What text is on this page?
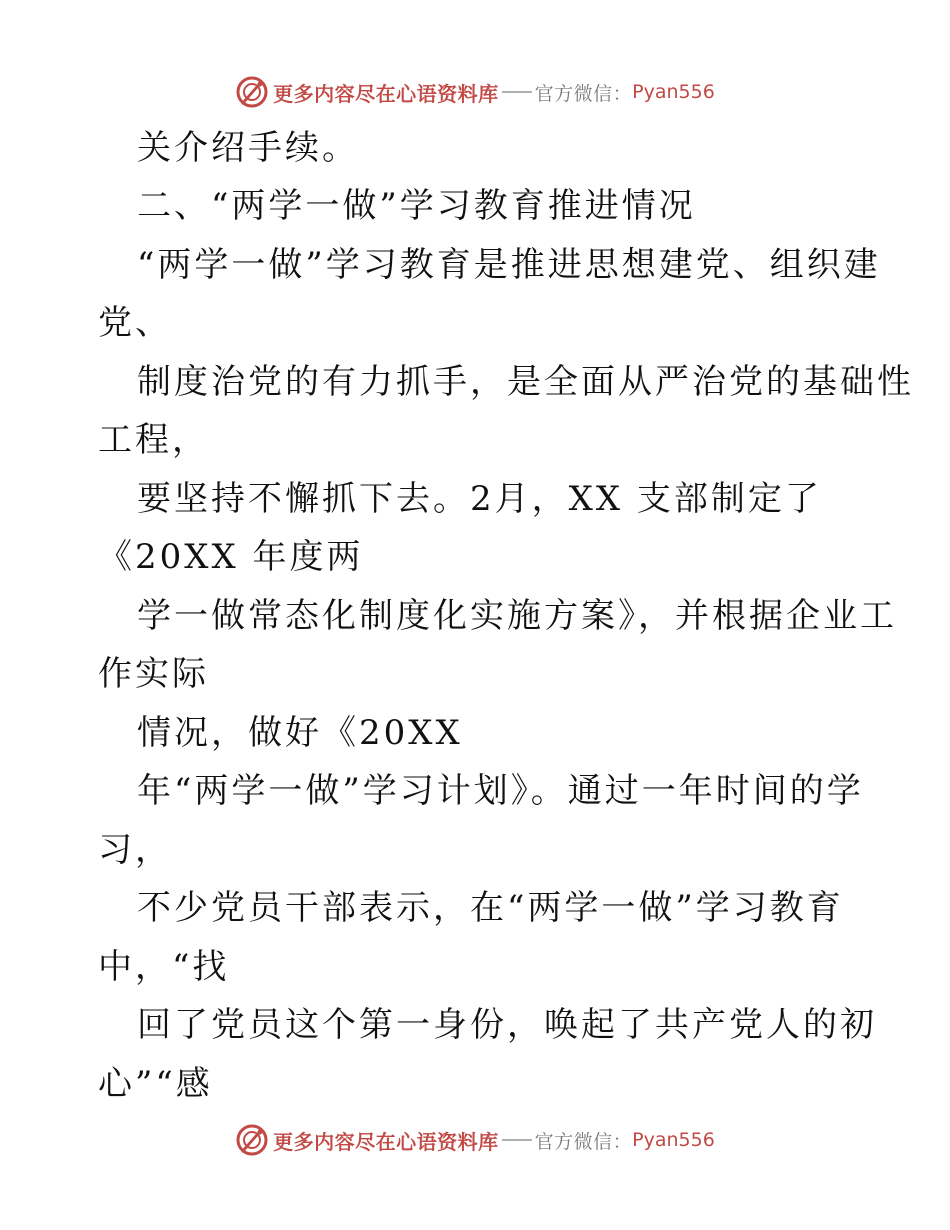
更多内容尽在心语资料库 官方微信： Pyan556
关介绍手续。
二、“两学一做”学习教育推进情况
“两学一做”学习教育是推进思想建党、组织建
党、
制度治党的有力抓手，是全面从严治党的基础性
工程，
要坚持不懈抓下去。2月，XX 支部制定了
《20XX 年度两
学一做常态化制度化实施方案》，并根据企业工
作实际
情况，做好《20XX
年“两学一做”学习计划》。通过一年时间的学
习，
不少党员干部表示，在“两学一做”学习教育
中，“找
回了党员这个第一身份，唤起了共产党人的初
心”“感
更多内容尽在心语资料库 官方微信： Pyan556
